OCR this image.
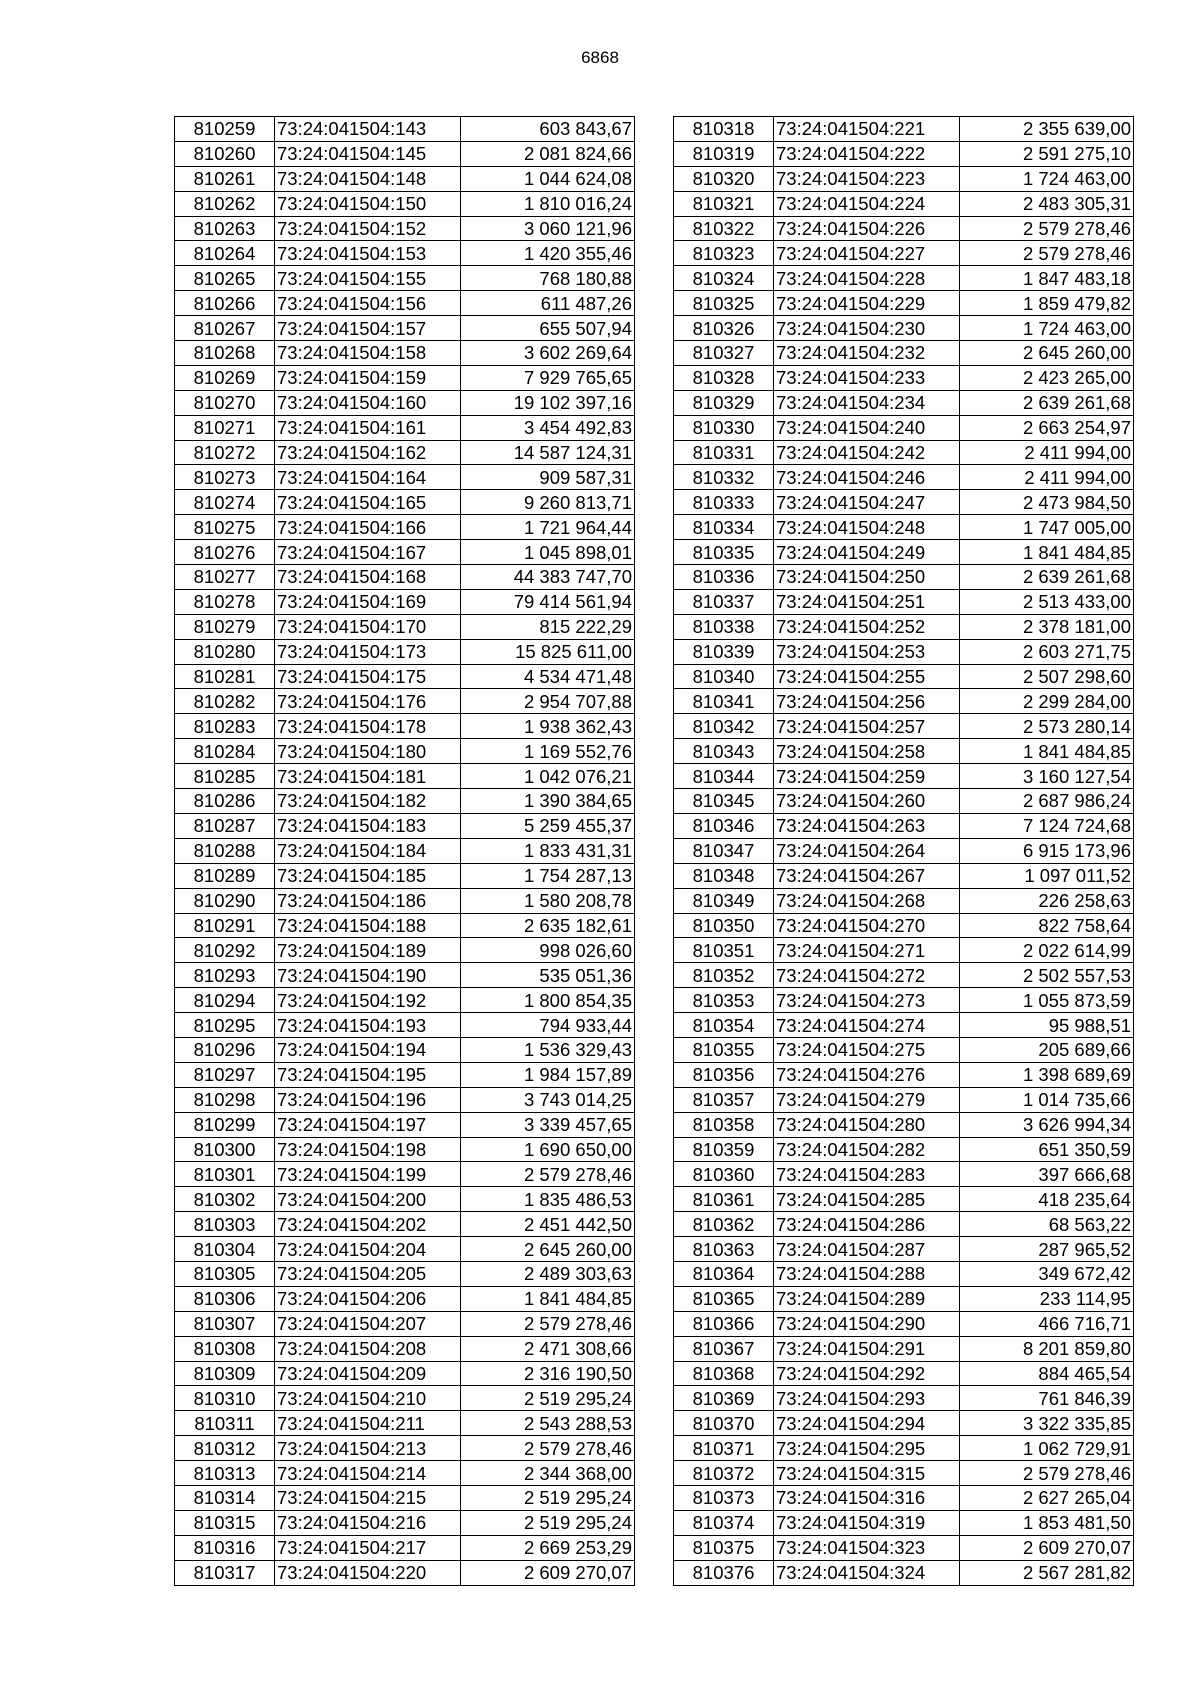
6868
810259	73:24:041504:143	603 843,67
810260	73:24:041504:145	2 081 824,66
810261	73:24:041504:148	1 044 624,08
810262	73:24:041504:150	1 810 016,24
810263	73:24:041504:152	3 060 121,96
810264	73:24:041504:153	1 420 355,46
810265	73:24:041504:155	768 180,88
810266	73:24:041504:156	611 487,26
810267	73:24:041504:157	655 507,94
810268	73:24:041504:158	3 602 269,64
810269	73:24:041504:159	7 929 765,65
810270	73:24:041504:160	19 102 397,16
810271	73:24:041504:161	3 454 492,83
810272	73:24:041504:162	14 587 124,31
810273	73:24:041504:164	909 587,31
810274	73:24:041504:165	9 260 813,71
810275	73:24:041504:166	1 721 964,44
810276	73:24:041504:167	1 045 898,01
810277	73:24:041504:168	44 383 747,70
810278	73:24:041504:169	79 414 561,94
810279	73:24:041504:170	815 222,29
810280	73:24:041504:173	15 825 611,00
810281	73:24:041504:175	4 534 471,48
810282	73:24:041504:176	2 954 707,88
810283	73:24:041504:178	1 938 362,43
810284	73:24:041504:180	1 169 552,76
810285	73:24:041504:181	1 042 076,21
810286	73:24:041504:182	1 390 384,65
810287	73:24:041504:183	5 259 455,37
810288	73:24:041504:184	1 833 431,31
810289	73:24:041504:185	1 754 287,13
810290	73:24:041504:186	1 580 208,78
810291	73:24:041504:188	2 635 182,61
810292	73:24:041504:189	998 026,60
810293	73:24:041504:190	535 051,36
810294	73:24:041504:192	1 800 854,35
810295	73:24:041504:193	794 933,44
810296	73:24:041504:194	1 536 329,43
810297	73:24:041504:195	1 984 157,89
810298	73:24:041504:196	3 743 014,25
810299	73:24:041504:197	3 339 457,65
810300	73:24:041504:198	1 690 650,00
810301	73:24:041504:199	2 579 278,46
810302	73:24:041504:200	1 835 486,53
810303	73:24:041504:202	2 451 442,50
810304	73:24:041504:204	2 645 260,00
810305	73:24:041504:205	2 489 303,63
810306	73:24:041504:206	1 841 484,85
810307	73:24:041504:207	2 579 278,46
810308	73:24:041504:208	2 471 308,66
810309	73:24:041504:209	2 316 190,50
810310	73:24:041504:210	2 519 295,24
810311	73:24:041504:211	2 543 288,53
810312	73:24:041504:213	2 579 278,46
810313	73:24:041504:214	2 344 368,00
810314	73:24:041504:215	2 519 295,24
810315	73:24:041504:216	2 519 295,24
810316	73:24:041504:217	2 669 253,29
810317	73:24:041504:220	2 609 270,07
810318	73:24:041504:221	2 355 639,00
810319	73:24:041504:222	2 591 275,10
810320	73:24:041504:223	1 724 463,00
810321	73:24:041504:224	2 483 305,31
810322	73:24:041504:226	2 579 278,46
810323	73:24:041504:227	2 579 278,46
810324	73:24:041504:228	1 847 483,18
810325	73:24:041504:229	1 859 479,82
810326	73:24:041504:230	1 724 463,00
810327	73:24:041504:232	2 645 260,00
810328	73:24:041504:233	2 423 265,00
810329	73:24:041504:234	2 639 261,68
810330	73:24:041504:240	2 663 254,97
810331	73:24:041504:242	2 411 994,00
810332	73:24:041504:246	2 411 994,00
810333	73:24:041504:247	2 473 984,50
810334	73:24:041504:248	1 747 005,00
810335	73:24:041504:249	1 841 484,85
810336	73:24:041504:250	2 639 261,68
810337	73:24:041504:251	2 513 433,00
810338	73:24:041504:252	2 378 181,00
810339	73:24:041504:253	2 603 271,75
810340	73:24:041504:255	2 507 298,60
810341	73:24:041504:256	2 299 284,00
810342	73:24:041504:257	2 573 280,14
810343	73:24:041504:258	1 841 484,85
810344	73:24:041504:259	3 160 127,54
810345	73:24:041504:260	2 687 986,24
810346	73:24:041504:263	7 124 724,68
810347	73:24:041504:264	6 915 173,96
810348	73:24:041504:267	1 097 011,52
810349	73:24:041504:268	226 258,63
810350	73:24:041504:270	822 758,64
810351	73:24:041504:271	2 022 614,99
810352	73:24:041504:272	2 502 557,53
810353	73:24:041504:273	1 055 873,59
810354	73:24:041504:274	95 988,51
810355	73:24:041504:275	205 689,66
810356	73:24:041504:276	1 398 689,69
810357	73:24:041504:279	1 014 735,66
810358	73:24:041504:280	3 626 994,34
810359	73:24:041504:282	651 350,59
810360	73:24:041504:283	397 666,68
810361	73:24:041504:285	418 235,64
810362	73:24:041504:286	68 563,22
810363	73:24:041504:287	287 965,52
810364	73:24:041504:288	349 672,42
810365	73:24:041504:289	233 114,95
810366	73:24:041504:290	466 716,71
810367	73:24:041504:291	8 201 859,80
810368	73:24:041504:292	884 465,54
810369	73:24:041504:293	761 846,39
810370	73:24:041504:294	3 322 335,85
810371	73:24:041504:295	1 062 729,91
810372	73:24:041504:315	2 579 278,46
810373	73:24:041504:316	2 627 265,04
810374	73:24:041504:319	1 853 481,50
810375	73:24:041504:323	2 609 270,07
810376	73:24:041504:324	2 567 281,82
